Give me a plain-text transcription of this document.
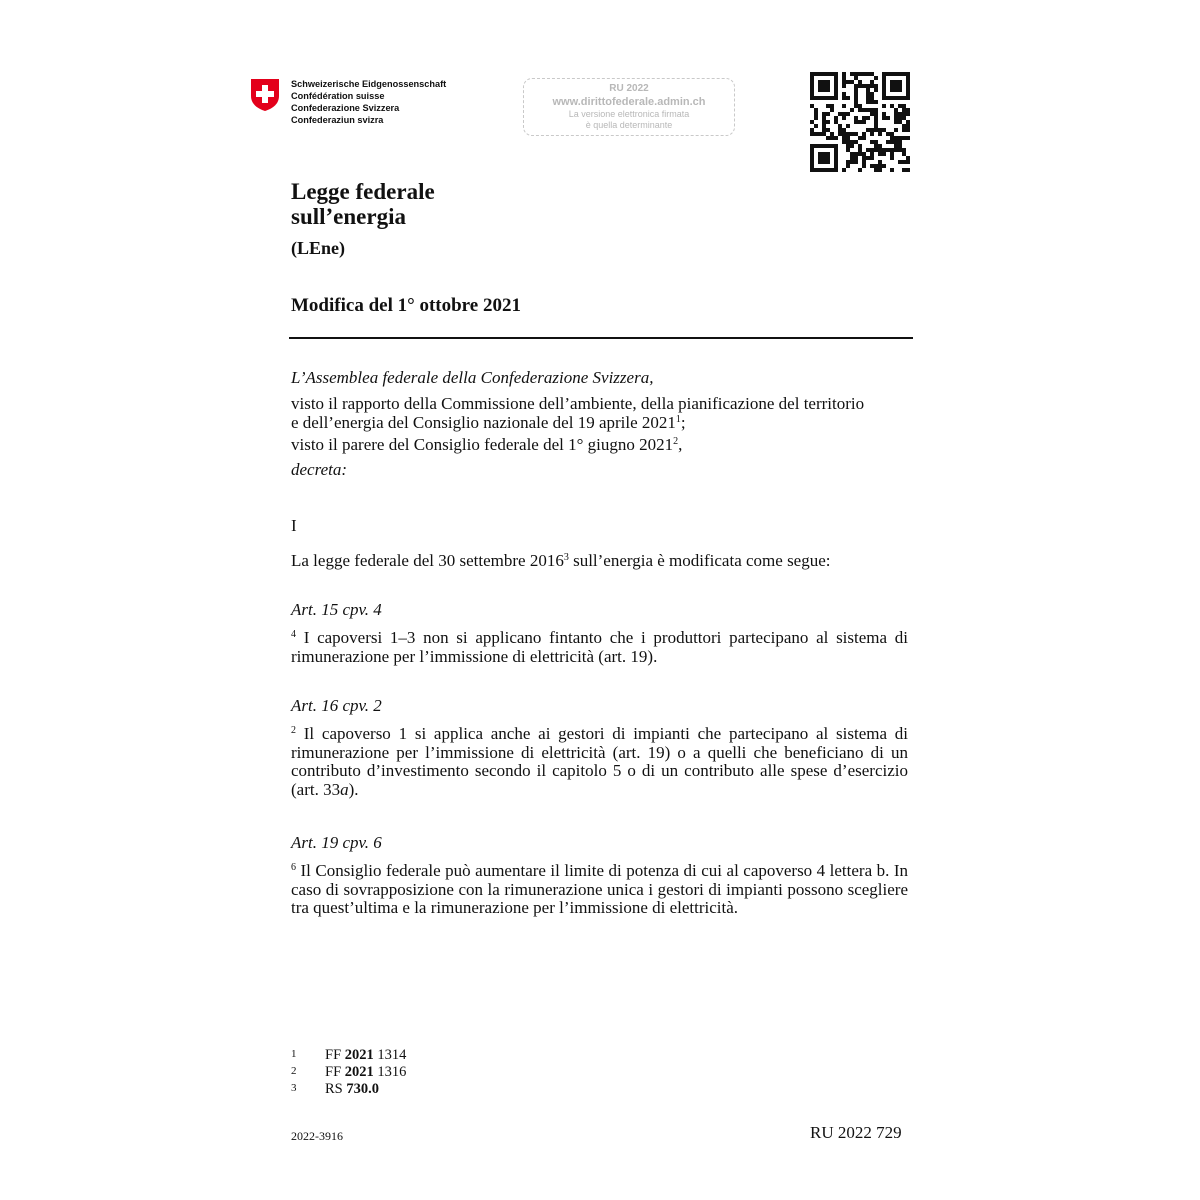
Schweizerische Eidgenossenschaft
Confédération suisse
Confederazione Svizzera
Confederaziun svizra
RU 2022
www.dirittofederale.admin.ch
La versione elettronica firmata
è quella determinante
Legge federale
sull’energia
(LEne)
Modifica del 1° ottobre 2021
L’Assemblea federale della Confederazione Svizzera,
visto il rapporto della Commissione dell’ambiente, della pianificazione del territorio
e dell’energia del Consiglio nazionale del 19 aprile 2021$^1$;
visto il parere del Consiglio federale del 1° giugno 2021$^2$,
decreta:
I
La legge federale del 30 settembre 2016$^3$ sull’energia è modificata come segue:
Art. 15 cpv. 4
$^4$ I capoversi 1–3 non si applicano fintanto che i produttori partecipano al sistema di rimunerazione per l’immissione di elettricità (art. 19).
Art. 16 cpv. 2
$^2$ Il capoverso 1 si applica anche ai gestori di impianti che partecipano al sistema di rimunerazione per l’immissione di elettricità (art. 19) o a quelli che beneficiano di un contributo d’investimento secondo il capitolo 5 o di un contributo alle spese d’esercizio (art. 33a).
Art. 19 cpv. 6
$^6$ Il Consiglio federale può aumentare il limite di potenza di cui al capoverso 4 lettera b. In caso di sovrapposizione con la rimunerazione unica i gestori di impianti possono scegliere tra quest’ultima e la rimunerazione per l’immissione di elettricità.
1 FF 2021 1314
2 FF 2021 1316
3 RS 730.0
2022-3916	RU 2022 729
